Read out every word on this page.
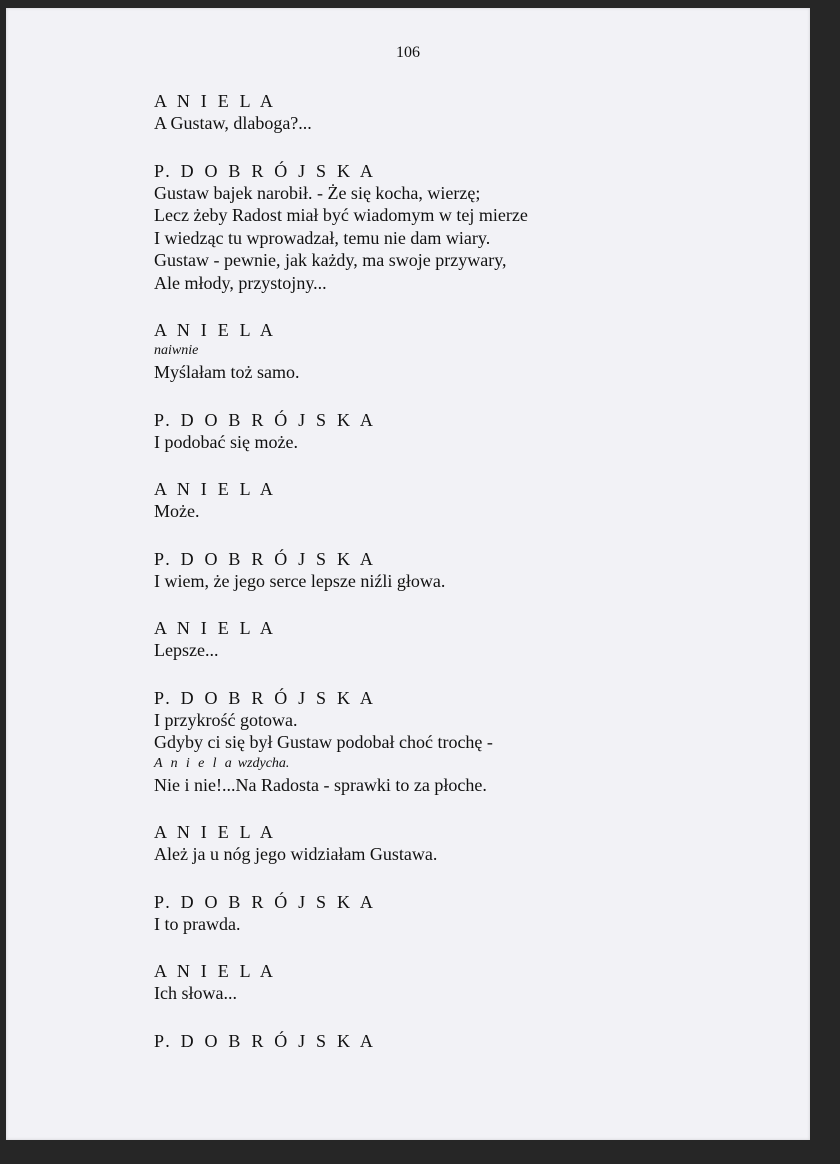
106
A N I E L A
A Gustaw, dlaboga?...
P. D O B R Ó J S K A
Gustaw bajek narobił. - Że się kocha, wierzę;
Lecz żeby Radost miał być wiadomym w tej mierze
I wiedząc tu wprowadzał, temu nie dam wiary.
Gustaw - pewnie, jak każdy, ma swoje przywary,
Ale młody, przystojny...
A N I E L A
naiwnie
Myślałam toż samo.
P. D O B R Ó J S K A
I podobać się może.
A N I E L A
Może.
P. D O B R Ó J S K A
I wiem, że jego serce lepsze niźli głowa.
A N I E L A
Lepsze...
P. D O B R Ó J S K A
I przykrość gotowa.
Gdyby ci się był Gustaw podobał choć trochę -
A n i e l a wzdycha.
Nie i nie!...Na Radosta - sprawki to za płoche.
A N I E L A
Ależ ja u nóg jego widziałam Gustawa.
P. D O B R Ó J S K A
I to prawda.
A N I E L A
Ich słowa...
P. D O B R Ó J S K A
